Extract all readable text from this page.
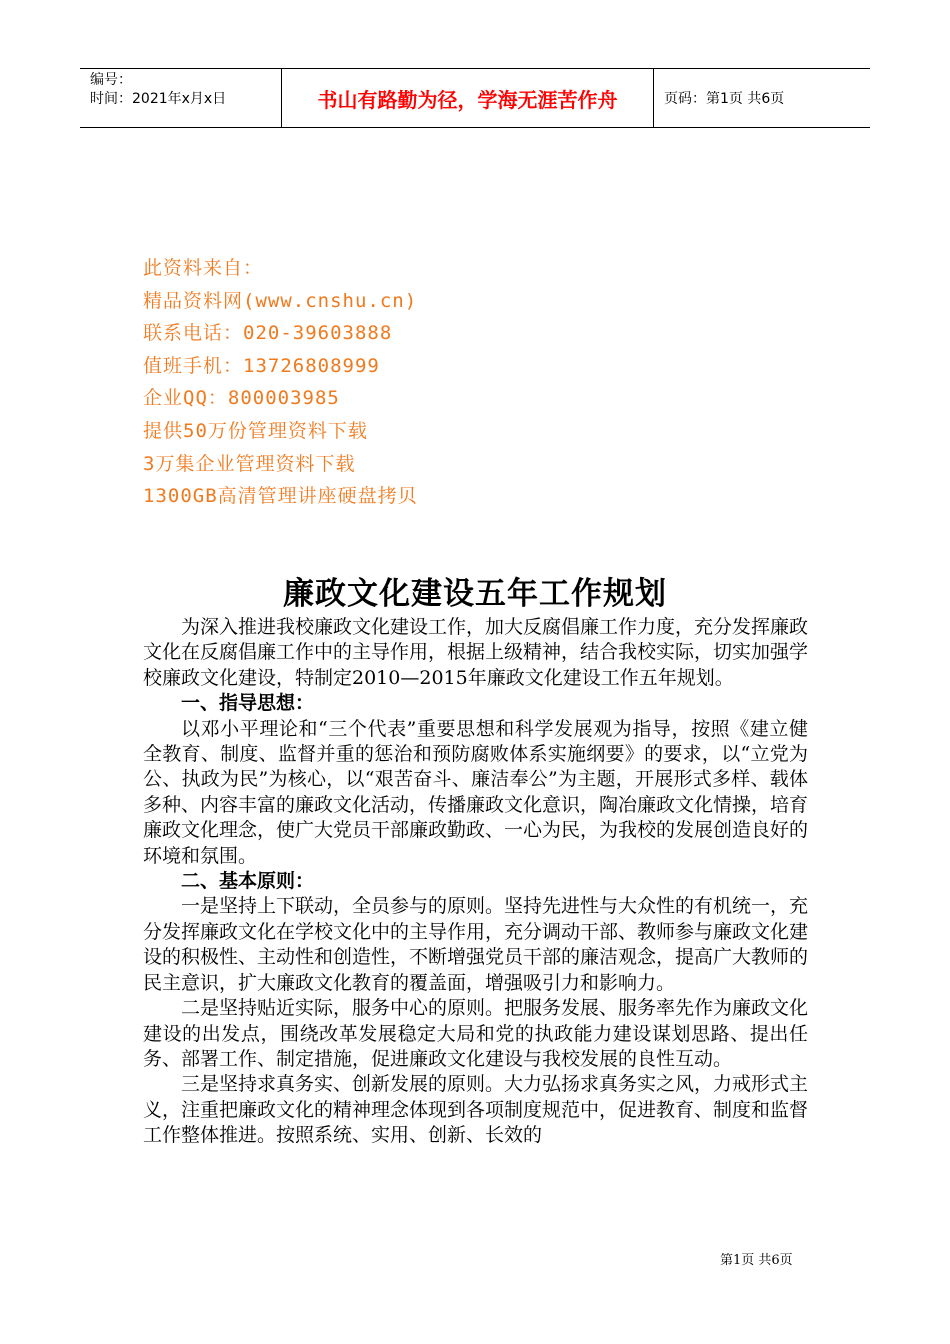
编号：
时间：2021年x月x日	书山有路勤为径，学海无涯苦作舟	页码：第1页 共6页
此资料来自：
精品资料网(www.cnshu.cn)
联系电话：020-39603888
值班手机：13726808999
企业QQ：800003985
提供50万份管理资料下载
3万集企业管理资料下载
1300GB高清管理讲座硬盘拷贝
廉政文化建设五年工作规划

为深入推进我校廉政文化建设工作，加大反腐倡廉工作力度，充分发挥廉政文化在反腐倡廉工作中的主导作用，根据上级精神，结合我校实际，切实加强学校廉政文化建设，特制定2010—2015年廉政文化建设工作五年规划。

一、指导思想：

以邓小平理论和“三个代表”重要思想和科学发展观为指导，按照《建立健全教育、制度、监督并重的惩治和预防腐败体系实施纲要》的要求，以“立党为公、执政为民”为核心，以“艰苦奋斗、廉洁奉公”为主题，开展形式多样、载体多种、内容丰富的廉政文化活动，传播廉政文化意识，陶冶廉政文化情操，培育廉政文化理念，使广大党员干部廉政勤政、一心为民，为我校的发展创造良好的环境和氛围。

二、基本原则：

一是坚持上下联动，全员参与的原则。坚持先进性与大众性的有机统一，充分发挥廉政文化在学校文化中的主导作用，充分调动干部、教师参与廉政文化建设的积极性、主动性和创造性，不断增强党员干部的廉洁观念，提高广大教师的民主意识，扩大廉政文化教育的覆盖面，增强吸引力和影响力。

二是坚持贴近实际，服务中心的原则。把服务发展、服务率先作为廉政文化建设的出发点，围绕改革发展稳定大局和党的执政能力建设谋划思路、提出任务、部署工作、制定措施，促进廉政文化建设与我校发展的良性互动。

三是坚持求真务实、创新发展的原则。大力弘扬求真务实之风，力戒形式主义，注重把廉政文化的精神理念体现到各项制度规范中，促进教育、制度和监督工作整体推进。按照系统、实用、创新、长效的

第1页 共6页
